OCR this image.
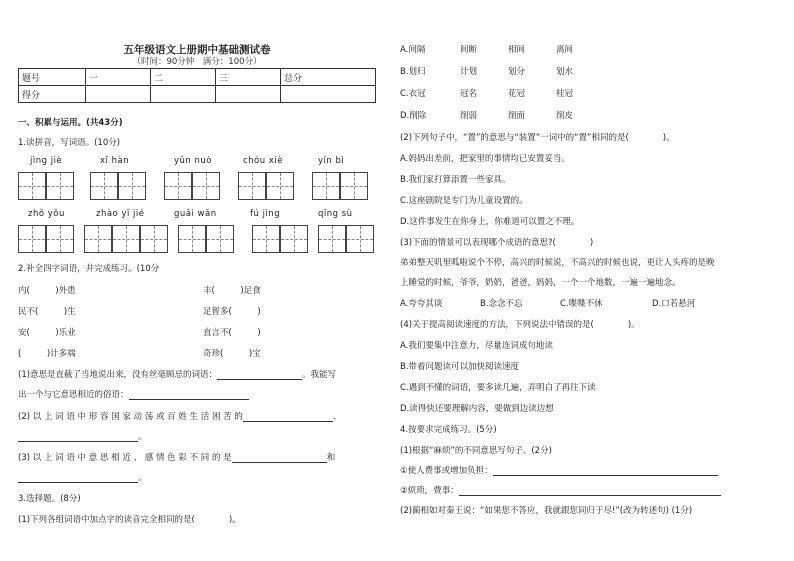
五年级语文上册期中基础测试卷
（时间：90分钟　满分：100分）
题号	一	二	三	总分
得分				
一、积累与运用。(共43分)
1.读拼音，写词语。(10分)
jìng jiè	xī hàn	yǔn nuò	chóu xiè	yín bì
zhǒ yǒu	zhào yī jié	guǎi wǎn	fú jìng	qīng sù
2.补全四字词语，并完成练习。(10分
内(　　　)外患	丰(　　　)足食
民不(　　　)生	足智多(　　　)
安(　　　)乐业	直言不(　　　)
(　　　)计多端	奇珍(　　　)宝
(1)意思是直截了当地说出来，没有丝毫顾忌的词语：	。我能写
出一个与它意思相近的俗语：
(2) 以 上 词 语 中 形 容 国 家 动 荡 或 百 姓 生 活 困 苦 的	、
。
(3) 以 上 词 语 中 意 思 相 近 、 感 情 色 彩 不 同 的 是	和
。
3.选择题。(8分)
(1)下列各组词语中加点字的读音完全相同的是(　　　　)。
A.间隔	间断	相间	离间
B.划归	计划	划分	划水
C.衣冠	冠名	花冠	桂冠
D.削除	削弱	削面	削皮
(2)下列句子中，“置”的意思与“装置”一词中的“置”相同的是(　　　　)。
A.妈妈出差前，把家里的事情均已安置妥当。
B.我们家打算添置一些家具。
C.这座剧院是专门为儿童设置的。
D.这件事发生在你身上，你难道可以置之不理。
(3)下面的情景可以表现哪个成语的意思?(　　　　)
弟弟整天叽里呱啦说个不停，高兴的时候说，不高兴的时候也说，更让人头疼的是晚
上睡觉的时候，爷爷，奶奶，爸爸，妈妈，一个一个地数，一遍一遍地念。
A.夸夸其谈	B.念念不忘	C.喋喋不休	D.口若悬河
(4)关于提高阅读速度的方法，下列说法中错误的是(　　　　)。
A.我们要集中注意力，尽量连词成句地读
B.带着问题读可以加快阅读速度
C.遇到不懂的词语，要多读几遍，弄明白了再往下读
D.读得快还要理解内容，要做到边读边想
4.按要求完成练习。(5分)
(1)根据“麻烦”的不同意思写句子。(2分)
①使人费事或增加负担：
②烦琐，费事：
(2)蔺相如对秦王说：“如果您不答应，我就跟您同归于尽!”(改为转述句) (1分)
